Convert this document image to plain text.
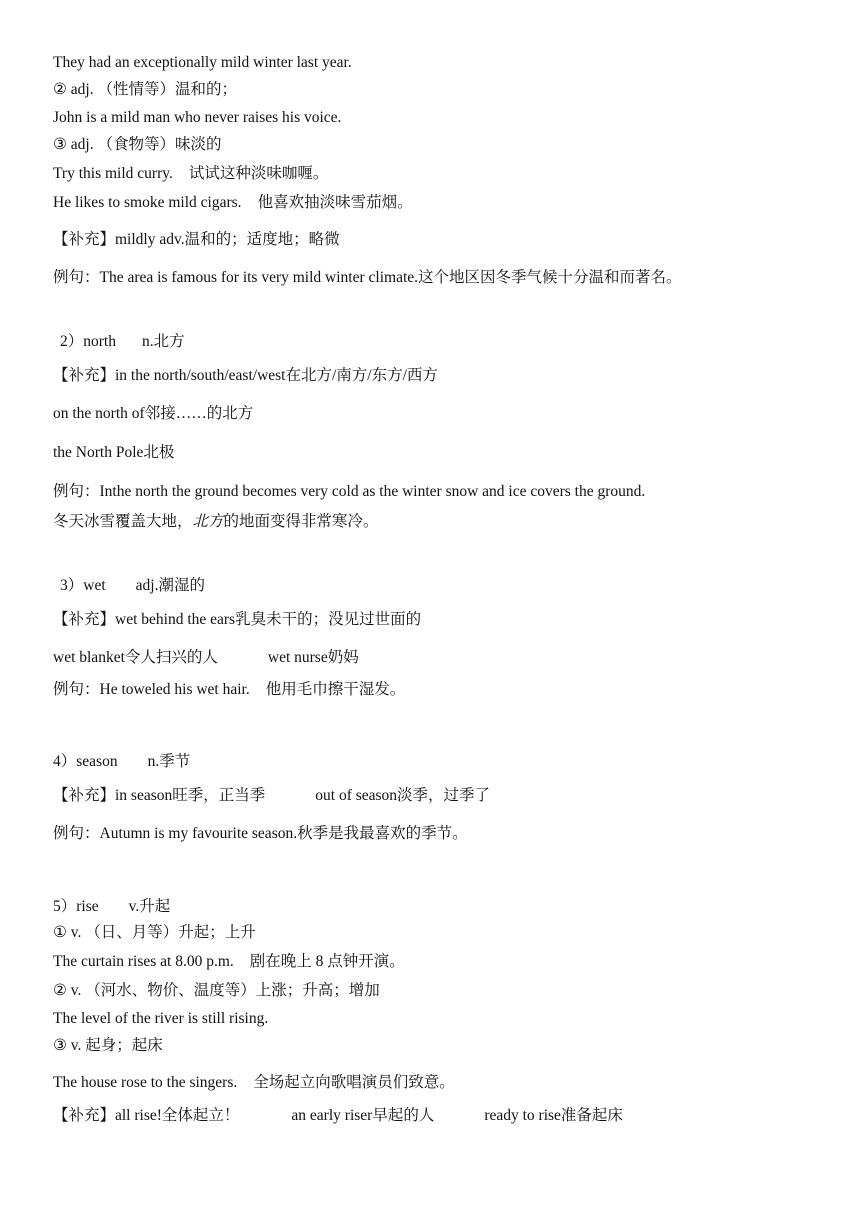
They had an exceptionally mild winter last year.
② adj. （性情等）温和的；
John is a mild man who never raises his voice.
③ adj. （食物等）味淡的
Try this mild curry. 试试这种淡味咖喱。
He likes to smoke mild cigars. 他喜欢抽淡味雪茄烟。
【补充】mildly adv.温和的；适度地；略微
例句：The area is famous for its very mild winter climate.这个地区因冬季气候十分温和而著名。
2）north n.北方
【补充】in the north/south/east/west在北方/南方/东方/西方
on the north of邻接……的北方
the North Pole北极
例句：Inthe north the ground becomes very cold as the winter snow and ice covers the ground.
冬天冰雪覆盖大地，北方的地面变得非常寒冷。
3）wet adj.潮湿的
【补充】wet behind the ears乳臭未干的；没见过世面的
wet blanket令人扫兴的人	wet nurse奶妈
例句：He toweled his wet hair. 他用毛巾擦干湿发。
4）season n.季节
【补充】in season旺季，正当季	out of season淡季，过季了
例句：Autumn is my favourite season.秋季是我最喜欢的季节。
5）rise v.升起
① v. （日、月等）升起；上升
The curtain rises at 8.00 p.m. 剧在晚上 8 点钟开演。
② v. （河水、物价、温度等）上涨；升高；增加
The level of the river is still rising.
③ v. 起身；起床
The house rose to the singers. 全场起立向歌唱演员们致意。
【补充】all rise!全体起立！	an early riser早起的人	ready to rise准备起床
